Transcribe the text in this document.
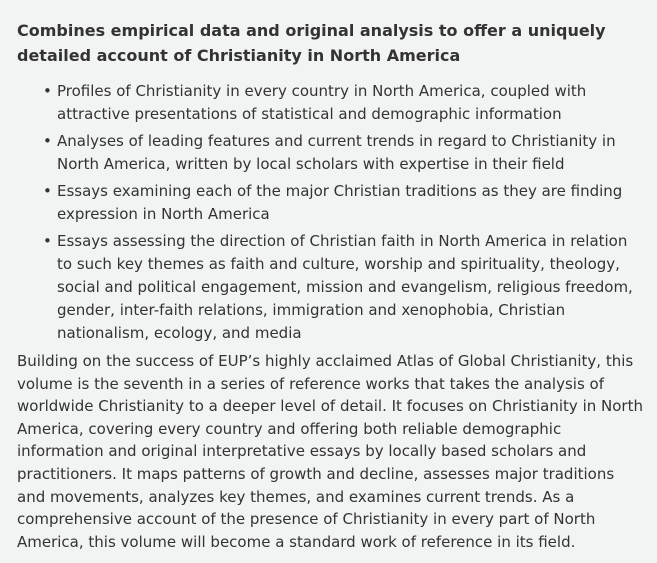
Combines empirical data and original analysis to offer a uniquely detailed account of Christianity in North America
• Profiles of Christianity in every country in North America, coupled with attractive presentations of statistical and demographic information
• Analyses of leading features and current trends in regard to Christianity in North America, written by local scholars with expertise in their field
• Essays examining each of the major Christian traditions as they are finding expression in North America
• Essays assessing the direction of Christian faith in North America in relation to such key themes as faith and culture, worship and spirituality, theology, social and political engagement, mission and evangelism, religious freedom, gender, inter-faith relations, immigration and xenophobia, Christian nationalism, ecology, and media

Building on the success of EUP’s highly acclaimed Atlas of Global Christianity, this volume is the seventh in a series of reference works that takes the analysis of worldwide Christianity to a deeper level of detail. It focuses on Christianity in North America, covering every country and offering both reliable demographic information and original interpretative essays by locally based scholars and practitioners. It maps patterns of growth and decline, assesses major traditions and movements, analyzes key themes, and examines current trends. As a comprehensive account of the presence of Christianity in every part of North America, this volume will become a standard work of reference in its field.
